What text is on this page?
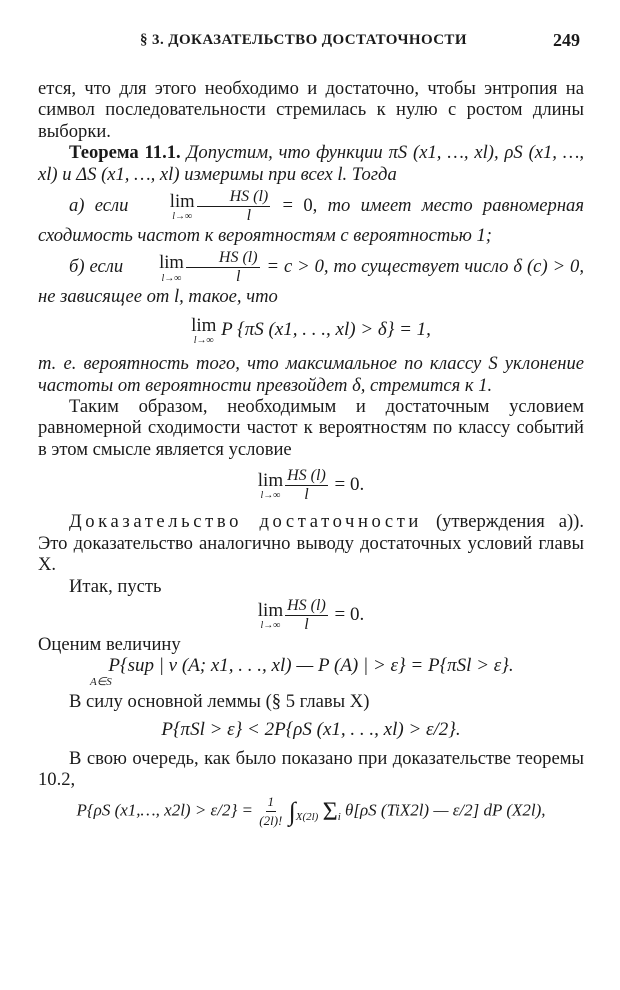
§ 3. ДОКАЗАТЕЛЬСТВО ДОСТАТОЧНОСТИ	249

ется, что для этого необходимо и достаточно, чтобы энтропия на символ последовательности стремилась к нулю с ростом длины выборки.

Теорема 11.1. Допустим, что функции πS (x1, …, xl), ρS (x1, …, xl) и ΔS (x1, …, xl) измеримы при всех l. Тогда

а) если	lim
$l\to\infty \frac{HS (l)}{l} = 0$, то имеет место равномерная сходимость частот к вероятностям с вероятностью 1;

б) если	lim
$l\to\infty \frac{HS (l)}{l} = c > 0$, то существует число δ (c) > 0, не зависящее от l, такое, что

lim
l→∞
P {πS (x1, . . ., xl) > δ} = 1,

т. е. вероятность того, что максимальное по классу S уклонение частоты от вероятности превзойдет δ, стремится к 1.

Таким образом, необходимым и достаточным условием равномерной сходимости частот к вероятностям по классу событий в этом смысле является условие

lim
$l\to\infty \frac{HS (l)}{l} = 0$.

Доказательство достаточности (утверждения а)). Это доказательство аналогично выводу достаточных условий главы X.

Итак, пусть

lim
$l\to\infty \frac{HS (l)}{l} = 0$.

Оценим величину

P{sup | ν (A; x1, . . ., xl) — P (A) | > ε} = P{πSl > ε}.

A∈S

В силу основной леммы (§ 5 главы X)

P{πSl > ε} < 2P{ρS (x1, . . ., xl) > ε/2}.

В свою очередь, как было показано при доказательстве теоремы 10.2,

P{ρS (x1,…, $x2l) > \varepsilon/2\} = \frac{1}{(2l)!} \int_{X(2l)}$ $\Sigma_i$ θ[ρS (TiX2l) — ε/2] dP (X2l),
